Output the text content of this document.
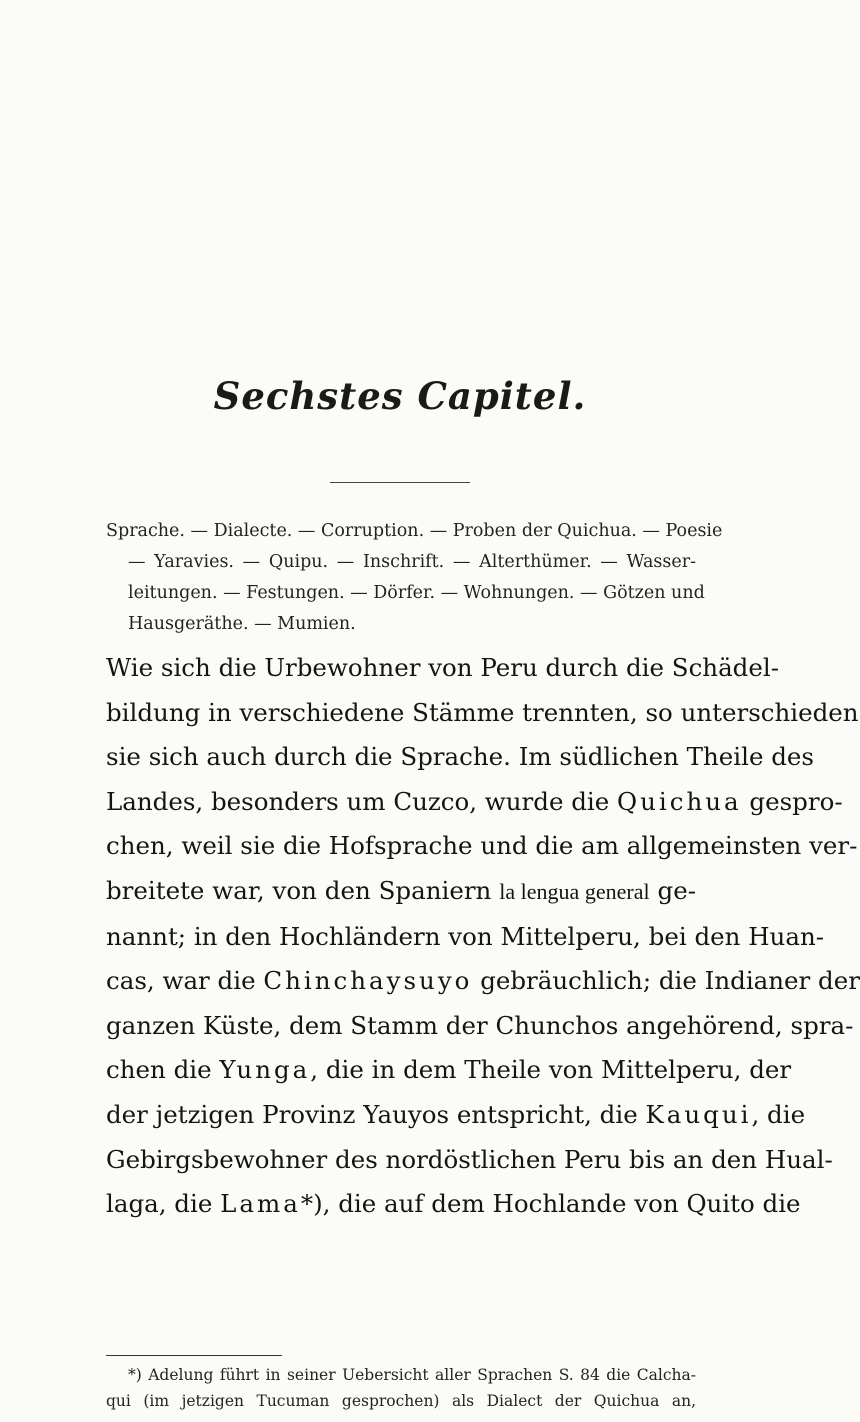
Sechstes Capitel.
Sprache. — Dialecte. — Corruption. — Proben der Quichua. — Poesie
— Yaravies. — Quipu. — Inschrift. — Alterthümer. — Wasser-
leitungen. — Festungen. — Dörfer. — Wohnungen. — Götzen und
Hausgeräthe. — Mumien.
Wie sich die Urbewohner von Peru durch die Schädel-
bildung in verschiedene Stämme trennten, so unterschieden
sie sich auch durch die Sprache. Im südlichen Theile des
Landes, besonders um Cuzco, wurde die Quichua gespro-
chen, weil sie die Hofsprache und die am allgemeinsten ver-
breitete war, von den Spaniern la lengua general ge-
nannt; in den Hochländern von Mittelperu, bei den Huan-
cas, war die Chinchaysuyo gebräuchlich; die Indianer der
ganzen Küste, dem Stamm der Chunchos angehörend, spra-
chen die Yunga, die in dem Theile von Mittelperu, der
der jetzigen Provinz Yauyos entspricht, die Kauqui, die
Gebirgsbewohner des nordöstlichen Peru bis an den Hual-
laga, die Lama*), die auf dem Hochlande von Quito die
*) Adelung führt in seiner Uebersicht aller Sprachen S. 84 die Calcha-
qui (im jetzigen Tucuman gesprochen) als Dialect der Quichua an,
